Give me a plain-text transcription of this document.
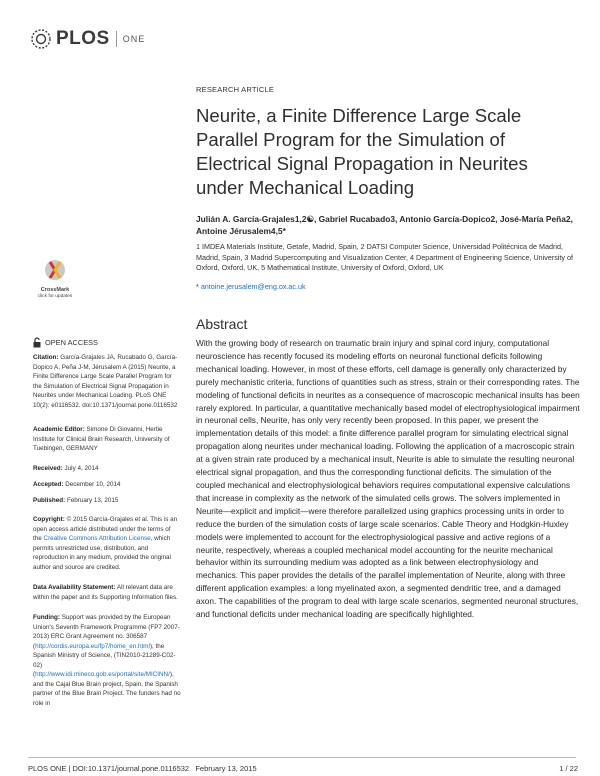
PLOS ONE
RESEARCH ARTICLE
Neurite, a Finite Difference Large Scale Parallel Program for the Simulation of Electrical Signal Propagation in Neurites under Mechanical Loading
Julián A. García-Grajales1,2☯, Gabriel Rucabado3, Antonio García-Dopico2, José-María Peña2, Antoine Jérusalem4,5*
1 IMDEA Materials Institute, Getafe, Madrid, Spain, 2 DATSI Computer Science, Universidad Politécnica de Madrid, Madrid, Spain, 3 Madrid Supercomputing and Visualization Center, 4 Department of Engineering Science, University of Oxford, Oxford, UK, 5 Mathematical Institute, University of Oxford, Oxford, UK
* antoine.jerusalem@eng.ox.ac.uk
CrossMark
click for updates
Abstract

With the growing body of research on traumatic brain injury and spinal cord injury, computational neuroscience has recently focused its modeling efforts on neuronal functional deficits following mechanical loading. However, in most of these efforts, cell damage is generally only characterized by purely mechanistic criteria, functions of quantities such as stress, strain or their corresponding rates. The modeling of functional deficits in neurites as a consequence of macroscopic mechanical insults has been rarely explored. In particular, a quantitative mechanically based model of electrophysiological impairment in neuronal cells, Neurite, has only very recently been proposed. In this paper, we present the implementation details of this model: a finite difference parallel program for simulating electrical signal propagation along neurites under mechanical loading. Following the application of a macroscopic strain at a given strain rate produced by a mechanical insult, Neurite is able to simulate the resulting neuronal electrical signal propagation, and thus the corresponding functional deficits. The simulation of the coupled mechanical and electrophysiological behaviors requires computational expensive calculations that increase in complexity as the network of the simulated cells grows. The solvers implemented in Neurite—explicit and implicit—were therefore parallelized using graphics processing units in order to reduce the burden of the simulation costs of large scale scenarios. Cable Theory and Hodgkin-Huxley models were implemented to account for the electrophysiological passive and active regions of a neurite, respectively, whereas a coupled mechanical model accounting for the neurite mechanical behavior within its surrounding medium was adopted as a link between electrophysiology and mechanics. This paper provides the details of the parallel implementation of Neurite, along with three different application examples: a long myelinated axon, a segmented dendritic tree, and a damaged axon. The capabilities of the program to deal with large scale scenarios, segmented neuronal structures, and functional deficits under mechanical loading are specifically highlighted.

OPEN ACCESS

Citation: García-Grajales JA, Rucabado G, García-Dopico A, Peña J-M, Jérusalem A (2015) Neurite, a Finite Difference Large Scale Parallel Program for the Simulation of Electrical Signal Propagation in Neurites under Mechanical Loading. PLoS ONE 10(2): e0116532. doi:10.1371/journal.pone.0116532

Academic Editor: Simone Di Giovanni, Hertie Institute for Clinical Brain Research, University of Tuebingen, GERMANY

Received: July 4, 2014

Accepted: December 10, 2014

Published: February 13, 2015

Copyright: © 2015 García-Grajales et al. This is an open access article distributed under the terms of the Creative Commons Attribution License, which permits unrestricted use, distribution, and reproduction in any medium, provided the original author and source are credited.

Data Availability Statement: All relevant data are within the paper and its Supporting Information files.

Funding: Support was provided by the European Union's Seventh Framework Programme (FP7 2007-2013) ERC Grant Agreement no. 306587 (http://cordis.europa.eu/fp7/home_en.html), the Spanish Ministry of Science, (TIN2010-21289-C02-02) (http://www.idi.mineco.gob.es/portal/site/MICINN/), and the Cajal Blue Brain project, Spain, the Spanish partner of the Blue Brain Project. The funders had no role in

PLOS ONE | DOI:10.1371/journal.pone.0116532   February 13, 2015	1 / 22
